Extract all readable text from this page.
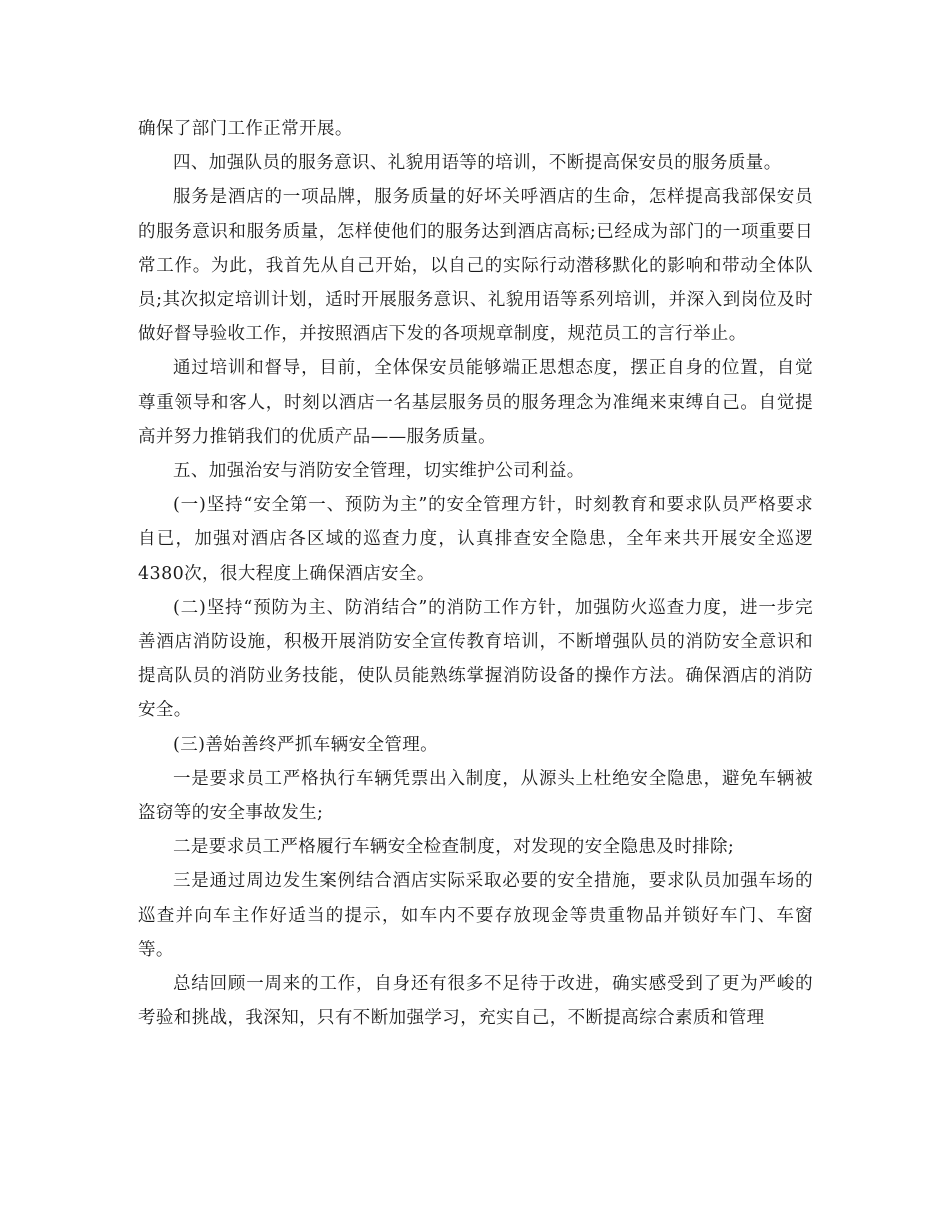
确保了部门工作正常开展。

四、加强队员的服务意识、礼貌用语等的培训，不断提高保安员的服务质量。

服务是酒店的一项品牌，服务质量的好坏关呼酒店的生命，怎样提高我部保安员的服务意识和服务质量，怎样使他们的服务达到酒店高标;已经成为部门的一项重要日常工作。为此，我首先从自己开始，以自己的实际行动潜移默化的影响和带动全体队员;其次拟定培训计划，适时开展服务意识、礼貌用语等系列培训，并深入到岗位及时做好督导验收工作，并按照酒店下发的各项规章制度，规范员工的言行举止。

通过培训和督导，目前，全体保安员能够端正思想态度，摆正自身的位置，自觉尊重领导和客人，时刻以酒店一名基层服务员的服务理念为准绳来束缚自己。自觉提高并努力推销我们的优质产品——服务质量。

五、加强治安与消防安全管理，切实维护公司利益。

(一)坚持“安全第一、预防为主”的安全管理方针，时刻教育和要求队员严格要求自已，加强对酒店各区域的巡查力度，认真排查安全隐患，全年来共开展安全巡逻4380次，很大程度上确保酒店安全。

(二)坚持“预防为主、防消结合”的消防工作方针，加强防火巡查力度，进一步完善酒店消防设施，积极开展消防安全宣传教育培训，不断增强队员的消防安全意识和提高队员的消防业务技能，使队员能熟练掌握消防设备的操作方法。确保酒店的消防安全。

(三)善始善终严抓车辆安全管理。

一是要求员工严格执行车辆凭票出入制度，从源头上杜绝安全隐患，避免车辆被盗窃等的安全事故发生;

二是要求员工严格履行车辆安全检查制度，对发现的安全隐患及时排除;

三是通过周边发生案例结合酒店实际采取必要的安全措施，要求队员加强车场的巡查并向车主作好适当的提示，如车内不要存放现金等贵重物品并锁好车门、车窗等。

总结回顾一周来的工作，自身还有很多不足待于改进，确实感受到了更为严峻的考验和挑战，我深知，只有不断加强学习，充实自己，不断提高综合素质和管理
